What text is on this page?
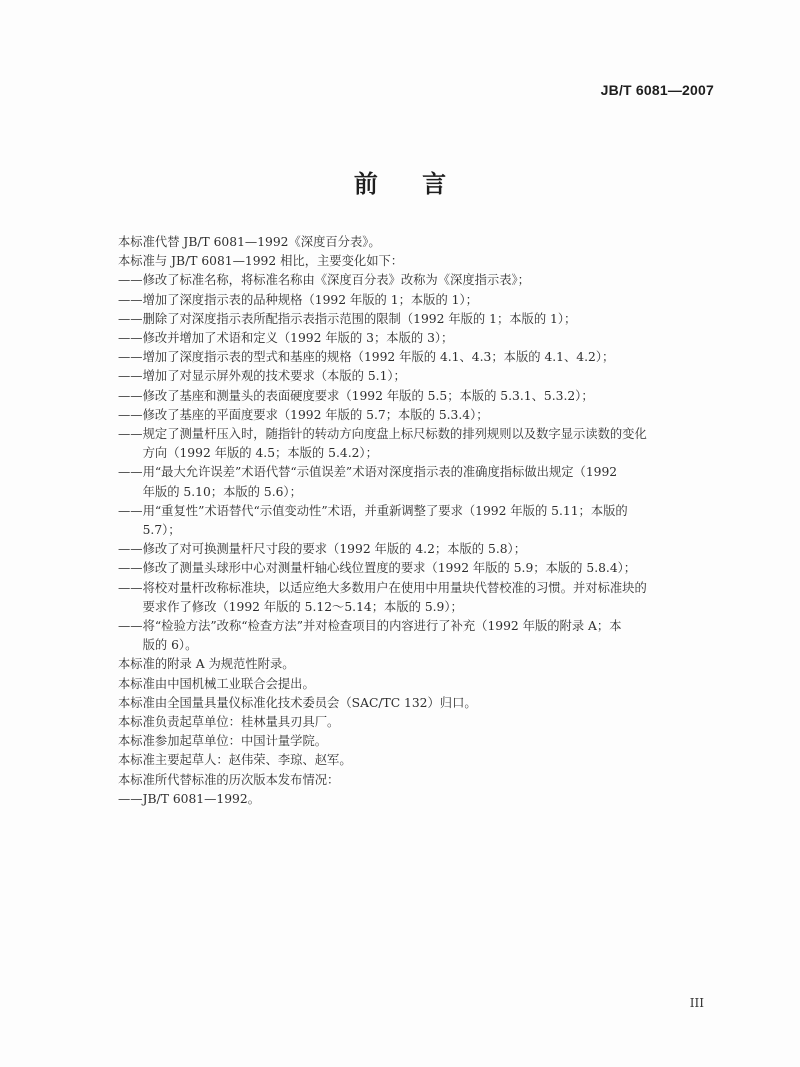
JB/T 6081—2007

前 言

本标准代替 JB/T 6081—1992《深度百分表》。

本标准与 JB/T 6081—1992 相比，主要变化如下：

——修改了标准名称，将标准名称由《深度百分表》改称为《深度指示表》；

——增加了深度指示表的品种规格（1992 年版的 1；本版的 1）；

——删除了对深度指示表所配指示表指示范围的限制（1992 年版的 1；本版的 1）；

——修改并增加了术语和定义（1992 年版的 3；本版的 3）；

——增加了深度指示表的型式和基座的规格（1992 年版的 4.1、4.3；本版的 4.1、4.2）；

——增加了对显示屏外观的技术要求（本版的 5.1）；

——修改了基座和测量头的表面硬度要求（1992 年版的 5.5；本版的 5.3.1、5.3.2）；

——修改了基座的平面度要求（1992 年版的 5.7；本版的 5.3.4）；

——规定了测量杆压入时，随指针的转动方向度盘上标尺标数的排列规则以及数字显示读数的变化

　　方向（1992 年版的 4.5；本版的 5.4.2）；

——用“最大允许误差”术语代替“示值误差”术语对深度指示表的准确度指标做出规定（1992

　　年版的 5.10；本版的 5.6）；

——用“重复性”术语替代“示值变动性”术语，并重新调整了要求（1992 年版的 5.11；本版的

　　5.7）；

——修改了对可换测量杆尺寸段的要求（1992 年版的 4.2；本版的 5.8）；

——修改了测量头球形中心对测量杆轴心线位置度的要求（1992 年版的 5.9；本版的 5.8.4）；

——将校对量杆改称标准块，以适应绝大多数用户在使用中用量块代替校准的习惯。并对标准块的

　　要求作了修改（1992 年版的 5.12～5.14；本版的 5.9）；

——将“检验方法”改称“检查方法”并对检查项目的内容进行了补充（1992 年版的附录 A；本

　　版的 6）。

本标准的附录 A 为规范性附录。

本标准由中国机械工业联合会提出。

本标准由全国量具量仪标准化技术委员会（SAC/TC 132）归口。

本标准负责起草单位：桂林量具刃具厂。

本标准参加起草单位：中国计量学院。

本标准主要起草人：赵伟荣、李琼、赵军。

本标准所代替标准的历次版本发布情况：

——JB/T 6081—1992。

III
